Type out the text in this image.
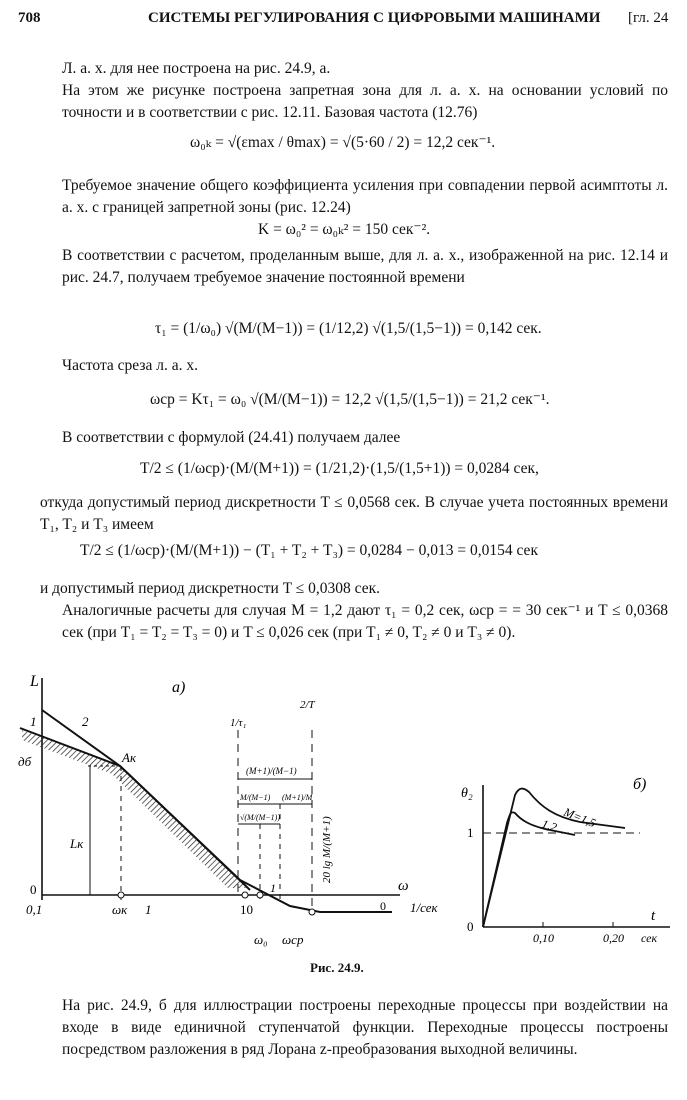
708	СИСТЕМЫ РЕГУЛИРОВАНИЯ С ЦИФРОВЫМИ МАШИНАМИ [гл. 24
Л. а. х. для нее построена на рис. 24.9, а.
На этом же рисунке построена запретная зона для л. а. х. на основании условий по точности и в соответствии с рис. 12.11. Базовая частота (12.76)
ω₀ₖ = √(εmax / θmax) = √(5·60 / 2) = 12,2 сек⁻¹.
Требуемое значение общего коэффициента усиления при совпадении первой асимптоты л. а. х. с границей запретной зоны (рис. 12.24)
K = ω₀² = ω₀ₖ² = 150 сек⁻².
В соответствии с расчетом, проделанным выше, для л. а. х., изображенной на рис. 12.14 и рис. 24.7, получаем требуемое значение постоянной времени
τ₁ = (1/ω₀) √(M/(M−1)) = (1/12,2) √(1,5/(1,5−1)) = 0,142 сек.
Частота среза л. а. х.
ωср = Kτ₁ = ω₀ √(M/(M−1)) = 12,2 √(1,5/(1,5−1)) = 21,2 сек⁻¹.
В соответствии с формулой (24.41) получаем далее
T/2 ≤ (1/ωср)·(M/(M+1)) = (1/21,2)·(1,5/(1,5+1)) = 0,0284 сек,
откуда допустимый период дискретности T ≤ 0,0568 сек. В случае учета постоянных времени T₁, T₂ и T₃ имеем
T/2 ≤ (1/ωср)·(M/(M+1)) − (T₁ + T₂ + T₃) = 0,0284 − 0,013 = 0,0154 сек
и допустимый период дискретности T ≤ 0,0308 сек.
Аналогичные расчеты для случая M = 1,2 дают τ₁ = 0,2 сек, ωср = = 30 сек⁻¹ и T ≤ 0,0368 сек (при T₁ = T₂ = T₃ = 0) и T ≤ 0,026 сек (при T₁ ≠ 0, T₂ ≠ 0 и T₃ ≠ 0).
L
дб
0
0,1
ω
1/сек
1	10
1	2
Aк
Lк
ωк
ω₀ ωср
1/τ₁
2/T
(M+1)/(M−1)
M/(M−1) (M+1)/M
√(M/(M−1))	20 lg M/(M+1)
1
0
а)
б)
θ₂
t
1
0
0,10	0,20 сек
M=1,5
1,2
Рис. 24.9.
На рис. 24.9, б для иллюстрации построены переходные процессы при воздействии на входе в виде единичной ступенчатой функции. Переходные процессы построены посредством разложения в ряд Лорана z-преобразования выходной величины.
